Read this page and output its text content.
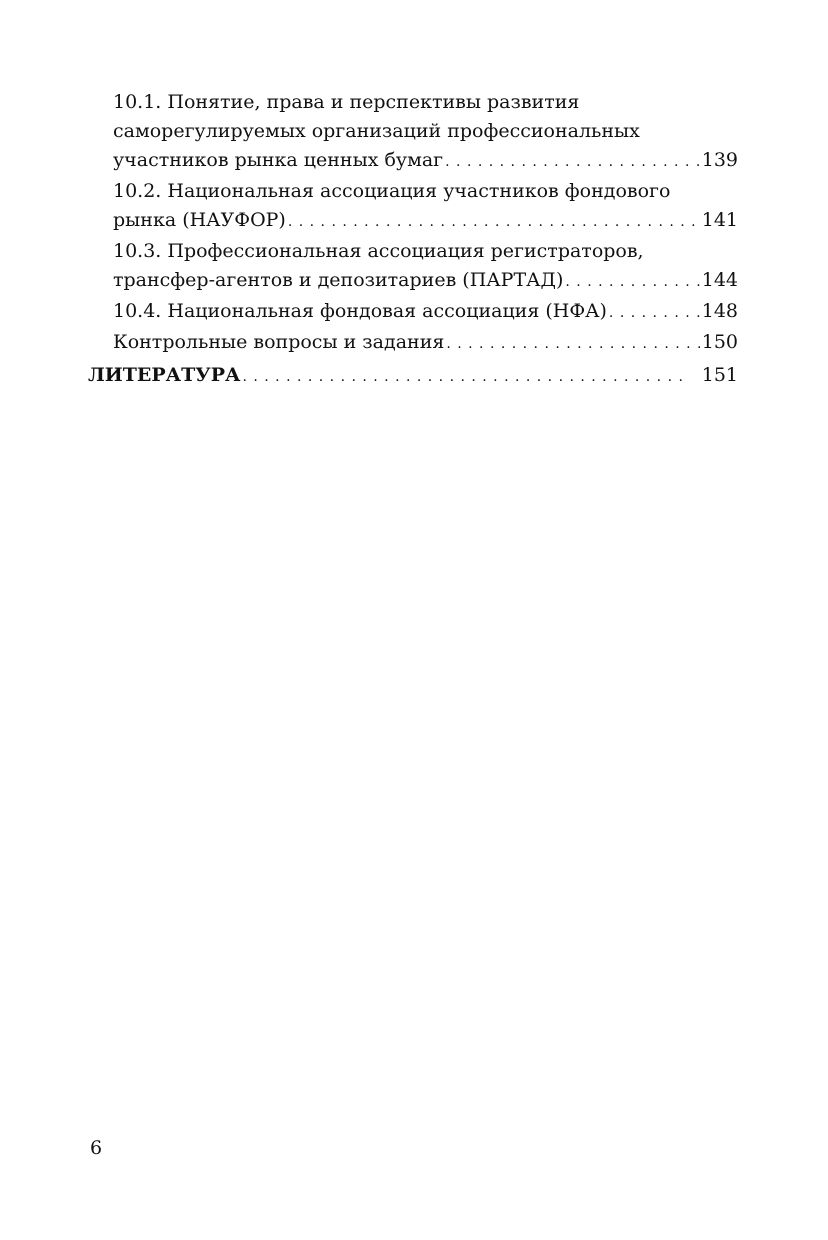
10.1. Понятие, права и перспективы развития
саморегулируемых организаций профессиональных
участников рынка ценных бумаг . . .	139
10.2. Национальная ассоциация участников фондового
рынка (НАУФОР) . . .	141
10.3. Профессиональная ассоциация регистраторов,
трансфер-агентов и депозитариев (ПАРТАД) . . .	144
10.4. Национальная фондовая ассоциация (НФА) . . .	148
Контрольные вопросы и задания . . .	150
ЛИТЕРАТУРА . . .	151
6
